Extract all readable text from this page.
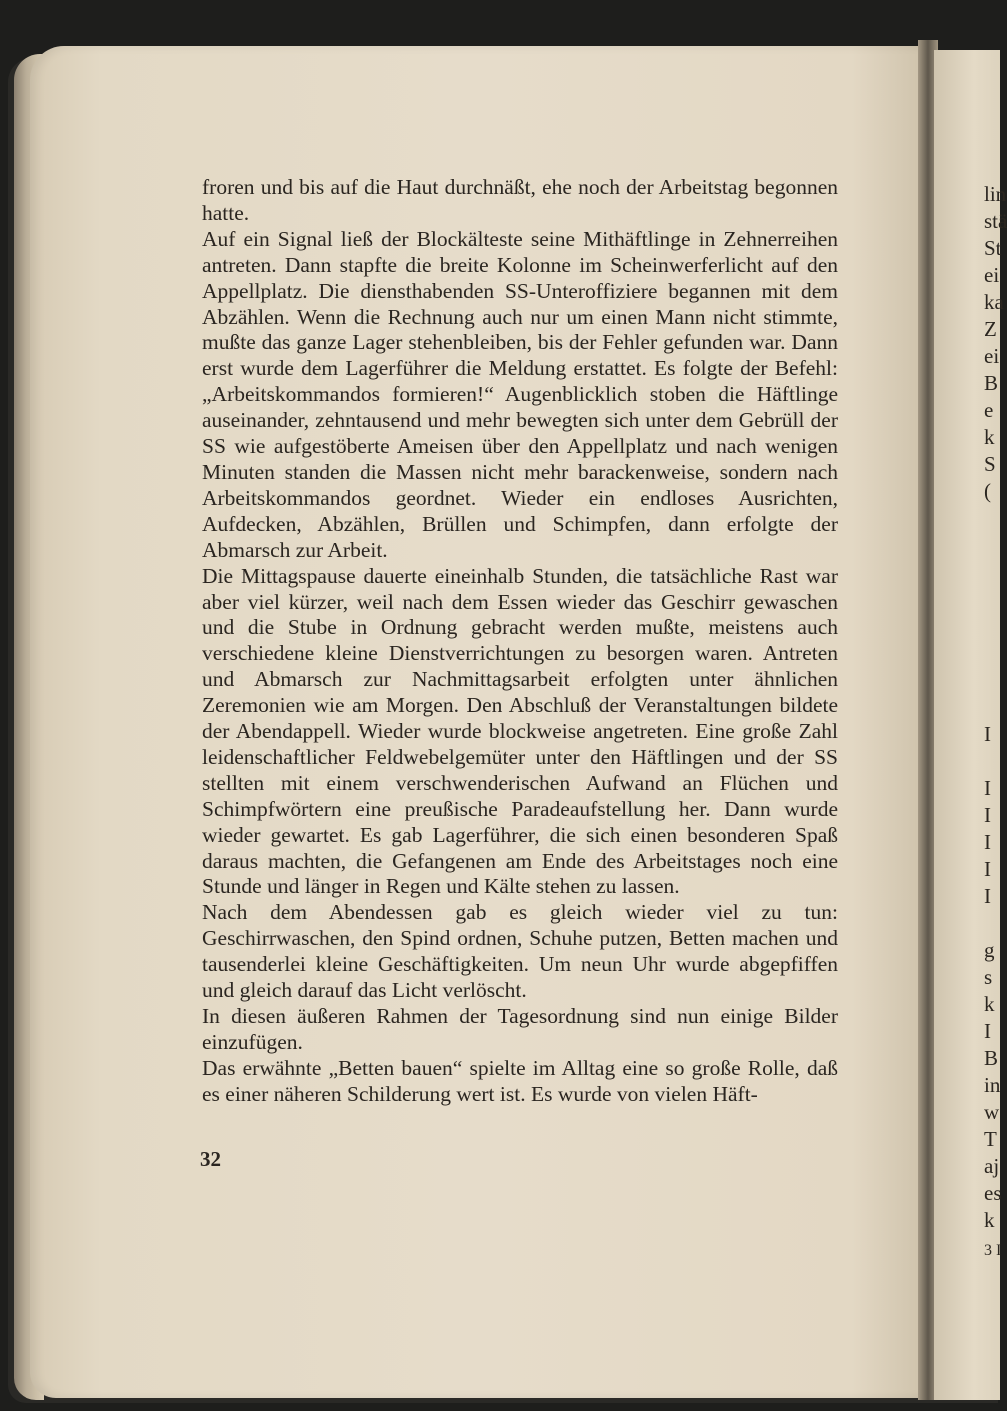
lin
stä
St
ei
ka
Z
ei
B
e
k
S
(
I
I
I
I
I
I
g
s
k
I
B
in
w
T
aj
es
k
3 I

froren und bis auf die Haut durchnäßt, ehe noch der Arbeitstag begonnen hatte.

Auf ein Signal ließ der Blockälteste seine Mithäftlinge in Zehnerreihen antreten. Dann stapfte die breite Kolonne im Scheinwerferlicht auf den Appellplatz. Die diensthabenden SS-Unteroffiziere begannen mit dem Abzählen. Wenn die Rechnung auch nur um einen Mann nicht stimmte, mußte das ganze Lager stehenbleiben, bis der Fehler gefunden war. Dann erst wurde dem Lagerführer die Meldung erstattet. Es folgte der Befehl: „Arbeitskommandos formieren!“ Augenblicklich stoben die Häftlinge auseinander, zehntausend und mehr bewegten sich unter dem Gebrüll der SS wie aufgestöberte Ameisen über den Appellplatz und nach wenigen Minuten standen die Massen nicht mehr barackenweise, sondern nach Arbeitskommandos geordnet. Wieder ein endloses Ausrichten, Aufdecken, Abzählen, Brüllen und Schimpfen, dann erfolgte der Abmarsch zur Arbeit.

Die Mittagspause dauerte eineinhalb Stunden, die tatsächliche Rast war aber viel kürzer, weil nach dem Essen wieder das Geschirr gewaschen und die Stube in Ordnung gebracht werden mußte, meistens auch verschiedene kleine Dienstverrichtungen zu besorgen waren. Antreten und Abmarsch zur Nachmittagsarbeit erfolgten unter ähnlichen Zeremonien wie am Morgen. Den Abschluß der Veranstaltungen bildete der Abendappell. Wieder wurde blockweise angetreten. Eine große Zahl leidenschaftlicher Feldwebelgemüter unter den Häftlingen und der SS stellten mit einem verschwenderischen Aufwand an Flüchen und Schimpfwörtern eine preußische Paradeaufstellung her. Dann wurde wieder gewartet. Es gab Lagerführer, die sich einen besonderen Spaß daraus machten, die Gefangenen am Ende des Arbeitstages noch eine Stunde und länger in Regen und Kälte stehen zu lassen.

Nach dem Abendessen gab es gleich wieder viel zu tun: Geschirrwaschen, den Spind ordnen, Schuhe putzen, Betten machen und tausenderlei kleine Geschäftigkeiten. Um neun Uhr wurde abgepfiffen und gleich darauf das Licht verlöscht.

In diesen äußeren Rahmen der Tagesordnung sind nun einige Bilder einzufügen.

Das erwähnte „Betten bauen“ spielte im Alltag eine so große Rolle, daß es einer näheren Schilderung wert ist. Es wurde von vielen Häft-

32
